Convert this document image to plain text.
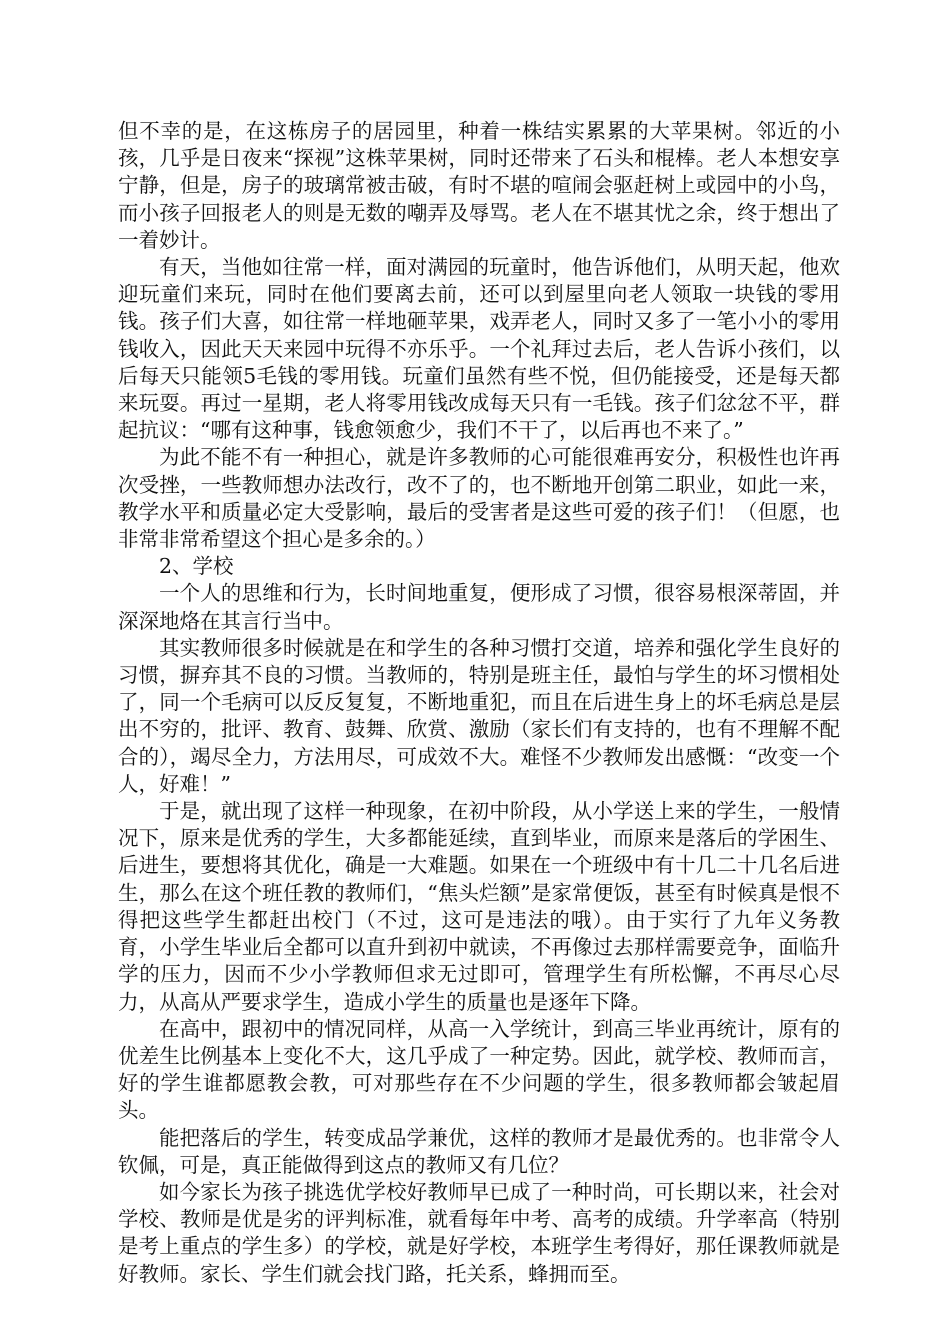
但不幸的是，在这栋房子的居园里，种着一株结实累累的大苹果树。邻近的小孩，几乎是日夜来“探视”这株苹果树，同时还带来了石头和棍棒。老人本想安享宁静，但是，房子的玻璃常被击破，有时不堪的喧闹会驱赶树上或园中的小鸟，而小孩子回报老人的则是无数的嘲弄及辱骂。老人在不堪其忧之余，终于想出了一着妙计。

有天，当他如往常一样，面对满园的玩童时，他告诉他们，从明天起，他欢迎玩童们来玩，同时在他们要离去前，还可以到屋里向老人领取一块钱的零用钱。孩子们大喜，如往常一样地砸苹果，戏弄老人，同时又多了一笔小小的零用钱收入，因此天天来园中玩得不亦乐乎。一个礼拜过去后，老人告诉小孩们，以后每天只能领5毛钱的零用钱。玩童们虽然有些不悦，但仍能接受，还是每天都来玩耍。再过一星期，老人将零用钱改成每天只有一毛钱。孩子们忿忿不平，群起抗议：“哪有这种事，钱愈领愈少，我们不干了，以后再也不来了。”

为此不能不有一种担心，就是许多教师的心可能很难再安分，积极性也许再次受挫，一些教师想办法改行，改不了的，也不断地开创第二职业，如此一来，教学水平和质量必定大受影响，最后的受害者是这些可爱的孩子们！（但愿，也非常非常希望这个担心是多余的。）

2、学校

一个人的思维和行为，长时间地重复，便形成了习惯，很容易根深蒂固，并深深地烙在其言行当中。

其实教师很多时候就是在和学生的各种习惯打交道，培养和强化学生良好的习惯，摒弃其不良的习惯。当教师的，特别是班主任，最怕与学生的坏习惯相处了，同一个毛病可以反反复复，不断地重犯，而且在后进生身上的坏毛病总是层出不穷的，批评、教育、鼓舞、欣赏、激励（家长们有支持的，也有不理解不配合的），竭尽全力，方法用尽，可成效不大。难怪不少教师发出感慨：“改变一个人，好难！”

于是，就出现了这样一种现象，在初中阶段，从小学送上来的学生，一般情况下，原来是优秀的学生，大多都能延续，直到毕业，而原来是落后的学困生、后进生，要想将其优化，确是一大难题。如果在一个班级中有十几二十几名后进生，那么在这个班任教的教师们，“焦头烂额”是家常便饭，甚至有时候真是恨不得把这些学生都赶出校门（不过，这可是违法的哦）。由于实行了九年义务教育，小学生毕业后全都可以直升到初中就读，不再像过去那样需要竞争，面临升学的压力，因而不少小学教师但求无过即可，管理学生有所松懈，不再尽心尽力，从高从严要求学生，造成小学生的质量也是逐年下降。

在高中，跟初中的情况同样，从高一入学统计，到高三毕业再统计，原有的优差生比例基本上变化不大，这几乎成了一种定势。因此，就学校、教师而言，好的学生谁都愿教会教，可对那些存在不少问题的学生，很多教师都会皱起眉头。

能把落后的学生，转变成品学兼优，这样的教师才是最优秀的。也非常令人钦佩，可是，真正能做得到这点的教师又有几位？

如今家长为孩子挑选优学校好教师早已成了一种时尚，可长期以来，社会对学校、教师是优是劣的评判标准，就看每年中考、高考的成绩。升学率高（特别是考上重点的学生多）的学校，就是好学校，本班学生考得好，那任课教师就是好教师。家长、学生们就会找门路，托关系，蜂拥而至。
